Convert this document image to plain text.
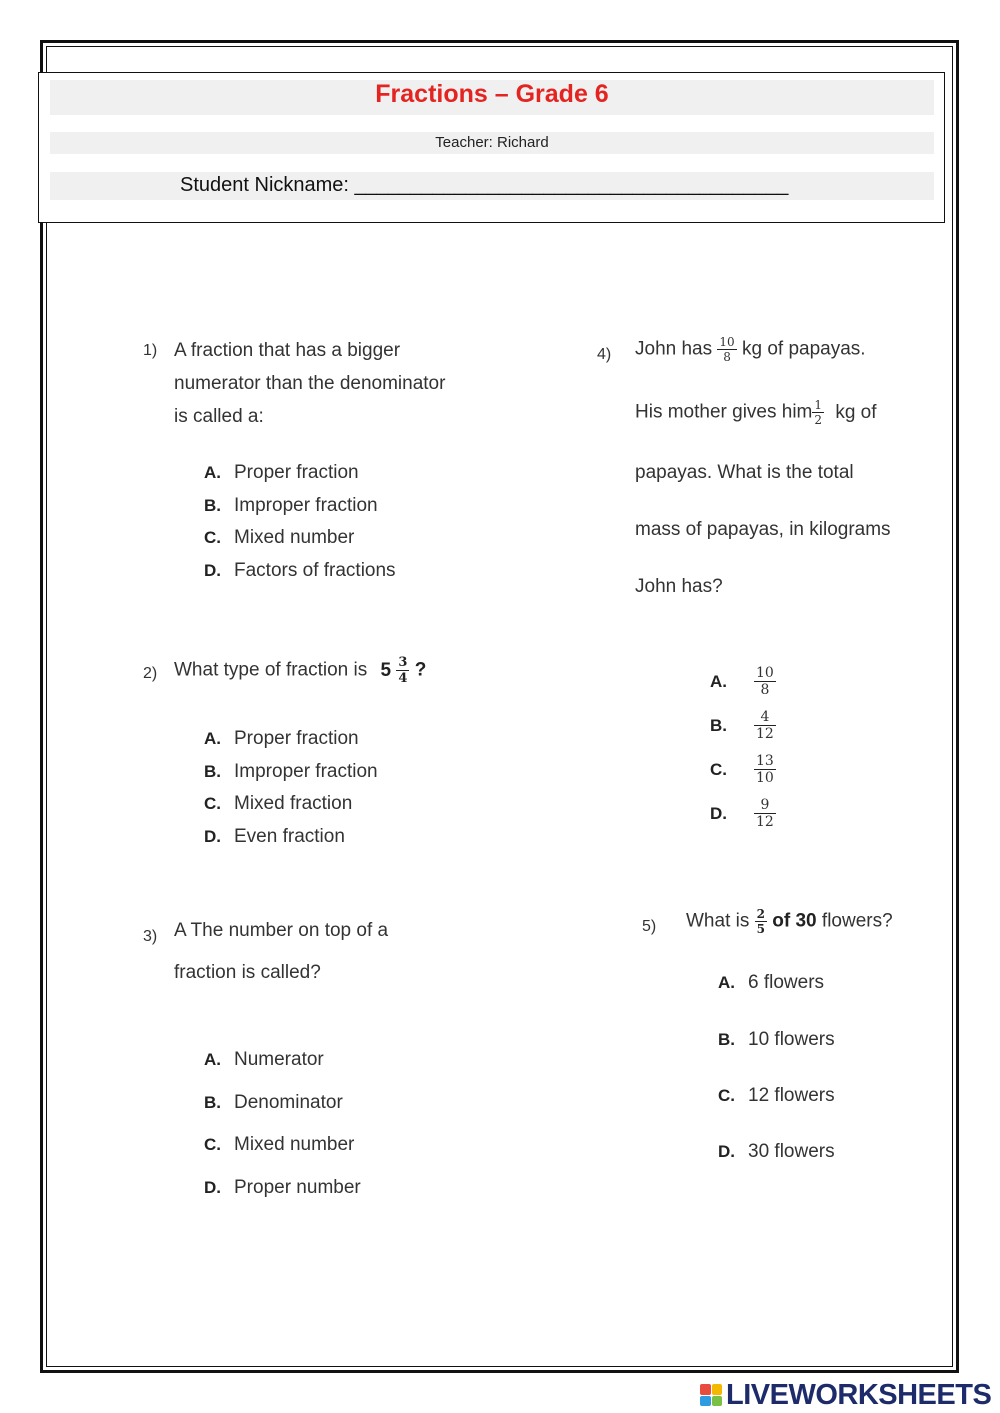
Fractions – Grade 6
Teacher: Richard
Student Nickname: _______________________________________
1) A fraction that has a bigger
numerator than the denominator
is called a:
A. Proper fraction
B. Improper fraction
C. Mixed number
D. Factors of fractions
2) What type of fraction is $5 \frac{3}{4}$ ?
A. Proper fraction
B. Improper fraction
C. Mixed fraction
D. Even fraction
3) A The number on top of a
fraction is called?
A. Numerator
B. Denominator
C. Mixed number
D. Proper number
4) John has $\frac{10}{8}$ kg of papayas.
His mother gives him $\frac{1}{2}$ kg of
papayas. What is the total
mass of papayas, in kilograms
John has?
A. $\frac{10}{8}$
B. $\frac{4}{12}$
C. $\frac{13}{10}$
D. $\frac{9}{12}$
5) What is $\frac{2}{5}$ of 30 flowers?
A. 6 flowers
B. 10 flowers
C. 12 flowers
D. 30 flowers
LIVEWORKSHEETS
